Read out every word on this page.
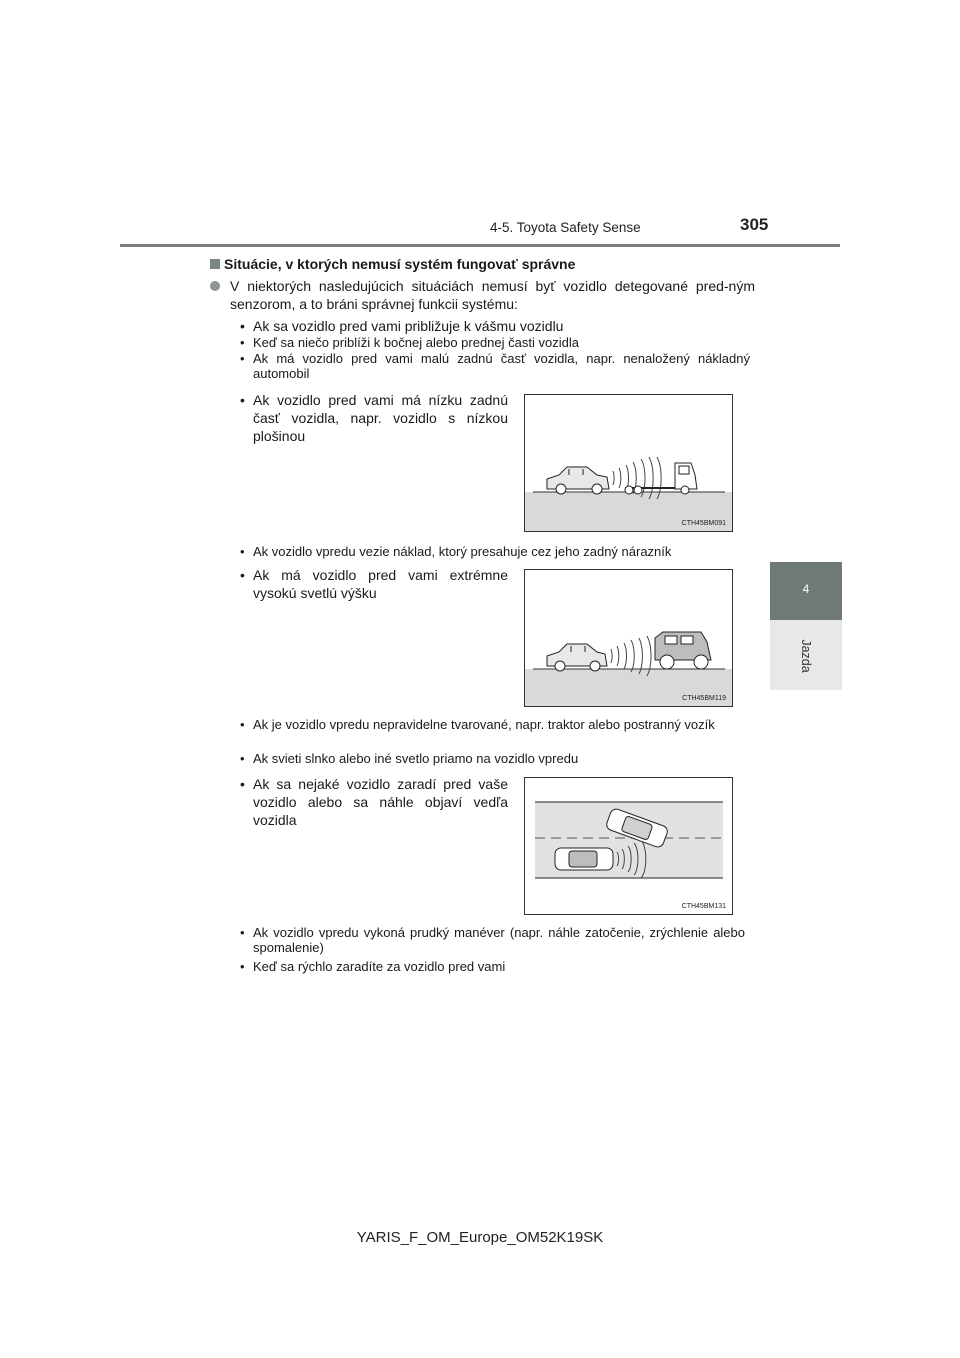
4-5. Toyota Safety Sense	305
4
Jazda
Situácie, v ktorých nemusí systém fungovať správne
V niektorých nasledujúcich situáciách nemusí byť vozidlo detegované pred-ným senzorom, a to bráni správnej funkcii systému:
• Ak sa vozidlo pred vami približuje k vášmu vozidlu
• Keď sa niečo priblíži k bočnej alebo prednej časti vozidla
• Ak má vozidlo pred vami malú zadnú časť vozidla, napr. nenaložený nákladný automobil
• Ak vozidlo pred vami má nízku zadnú časť vozidla, napr. vozidlo s nízkou plošinou
CTH45BM091
• Ak vozidlo vpredu vezie náklad, ktorý presahuje cez jeho zadný nárazník
• Ak má vozidlo pred vami extrémne vysokú svetlú výšku
CTH45BM119
• Ak je vozidlo vpredu nepravidelne tvarované, napr. traktor alebo postranný vozík
• Ak svieti slnko alebo iné svetlo priamo na vozidlo vpredu
• Ak sa nejaké vozidlo zaradí pred vaše vozidlo alebo sa náhle objaví vedľa vozidla
CTH45BM131
• Ak vozidlo vpredu vykoná prudký manéver (napr. náhle zatočenie, zrýchlenie alebo spomalenie)
• Keď sa rýchlo zaradíte za vozidlo pred vami
YARIS_F_OM_Europe_OM52K19SK
